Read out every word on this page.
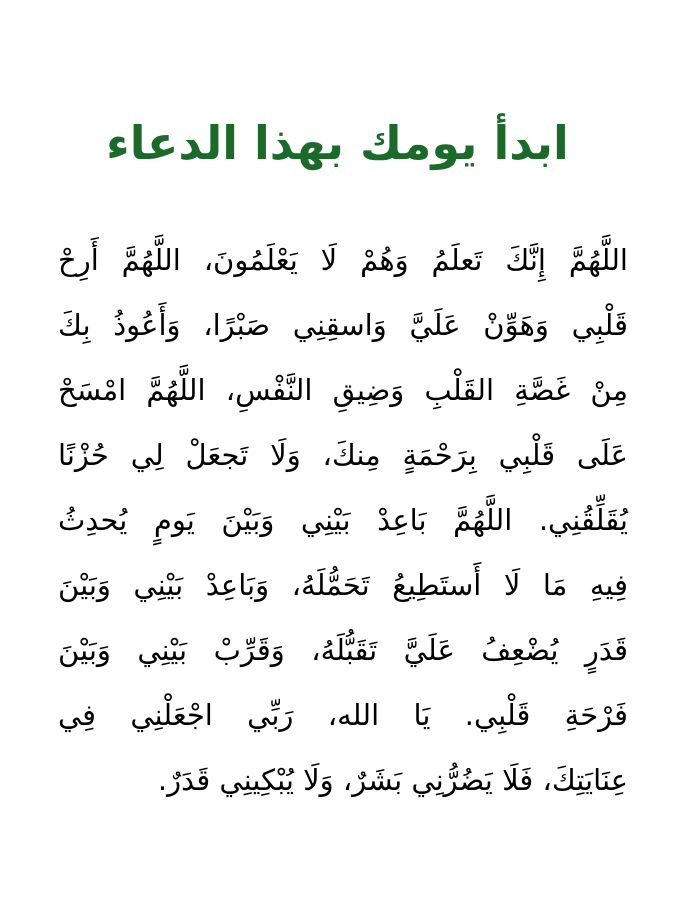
ابدأ يومك بهذا الدعاء
اللَّهُمَّ إِنَّكَ تَعلَمُ وَهُمْ لَا يَعْلَمُونَ، اللَّهُمَّ أَرِحْ
قَلْبِي وَهَوِّنْ عَلَيَّ وَاسقِنِي صَبْرًا، وَأَعُوذُ بِكَ
مِنْ غَصَّةِ القَلْبِ وَضِيقِ النَّفْسِ، اللَّهُمَّ امْسَحْ
عَلَى قَلْبِي بِرَحْمَةٍ مِنكَ، وَلَا تَجعَلْ لِي حُزْنًا
يُقَلِّقُنِي. اللَّهُمَّ بَاعِدْ بَيْنِي وَبَيْنَ يَومٍ يُحدِثُ
فِيهِ مَا لَا أَستَطِيعُ تَحَمُّلَهُ، وَبَاعِدْ بَيْنِي وَبَيْنَ
قَدَرٍ يُضْعِفُ عَلَيَّ تَقَبُّلَهُ، وَقَرِّبْ بَيْنِي وَبَيْنَ
فَرْحَةِ قَلْبِي. يَا الله، رَبِّي اجْعَلْنِي فِي
عِنَايَتِكَ، فَلَا يَضُرُّنِي بَشَرٌ، وَلَا يُبْكِينِي قَدَرٌ.
